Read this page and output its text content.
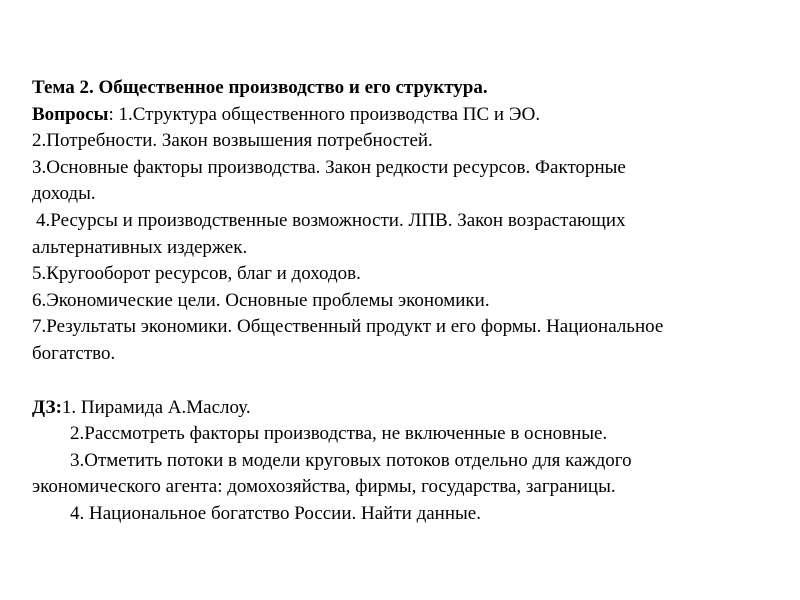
Тема 2. Общественное производство и его структура.
Вопросы: 1.Структура общественного производства ПС и ЭО.
2.Потребности. Закон возвышения потребностей.
3.Основные факторы производства. Закон редкости ресурсов. Факторные
доходы.
4.Ресурсы и производственные возможности. ЛПВ. Закон возрастающих
альтернативных издержек.
5.Кругооборот ресурсов, благ и доходов.
6.Экономические цели. Основные проблемы экономики.
7.Результаты экономики. Общественный продукт и его формы. Национальное
богатство.
ДЗ:1. Пирамида А.Маслоу.
2.Рассмотреть факторы производства, не включенные в основные.
3.Отметить потоки в модели круговых потоков отдельно для каждого
экономического агента: домохозяйства, фирмы, государства, заграницы.
4. Национальное богатство России. Найти данные.
